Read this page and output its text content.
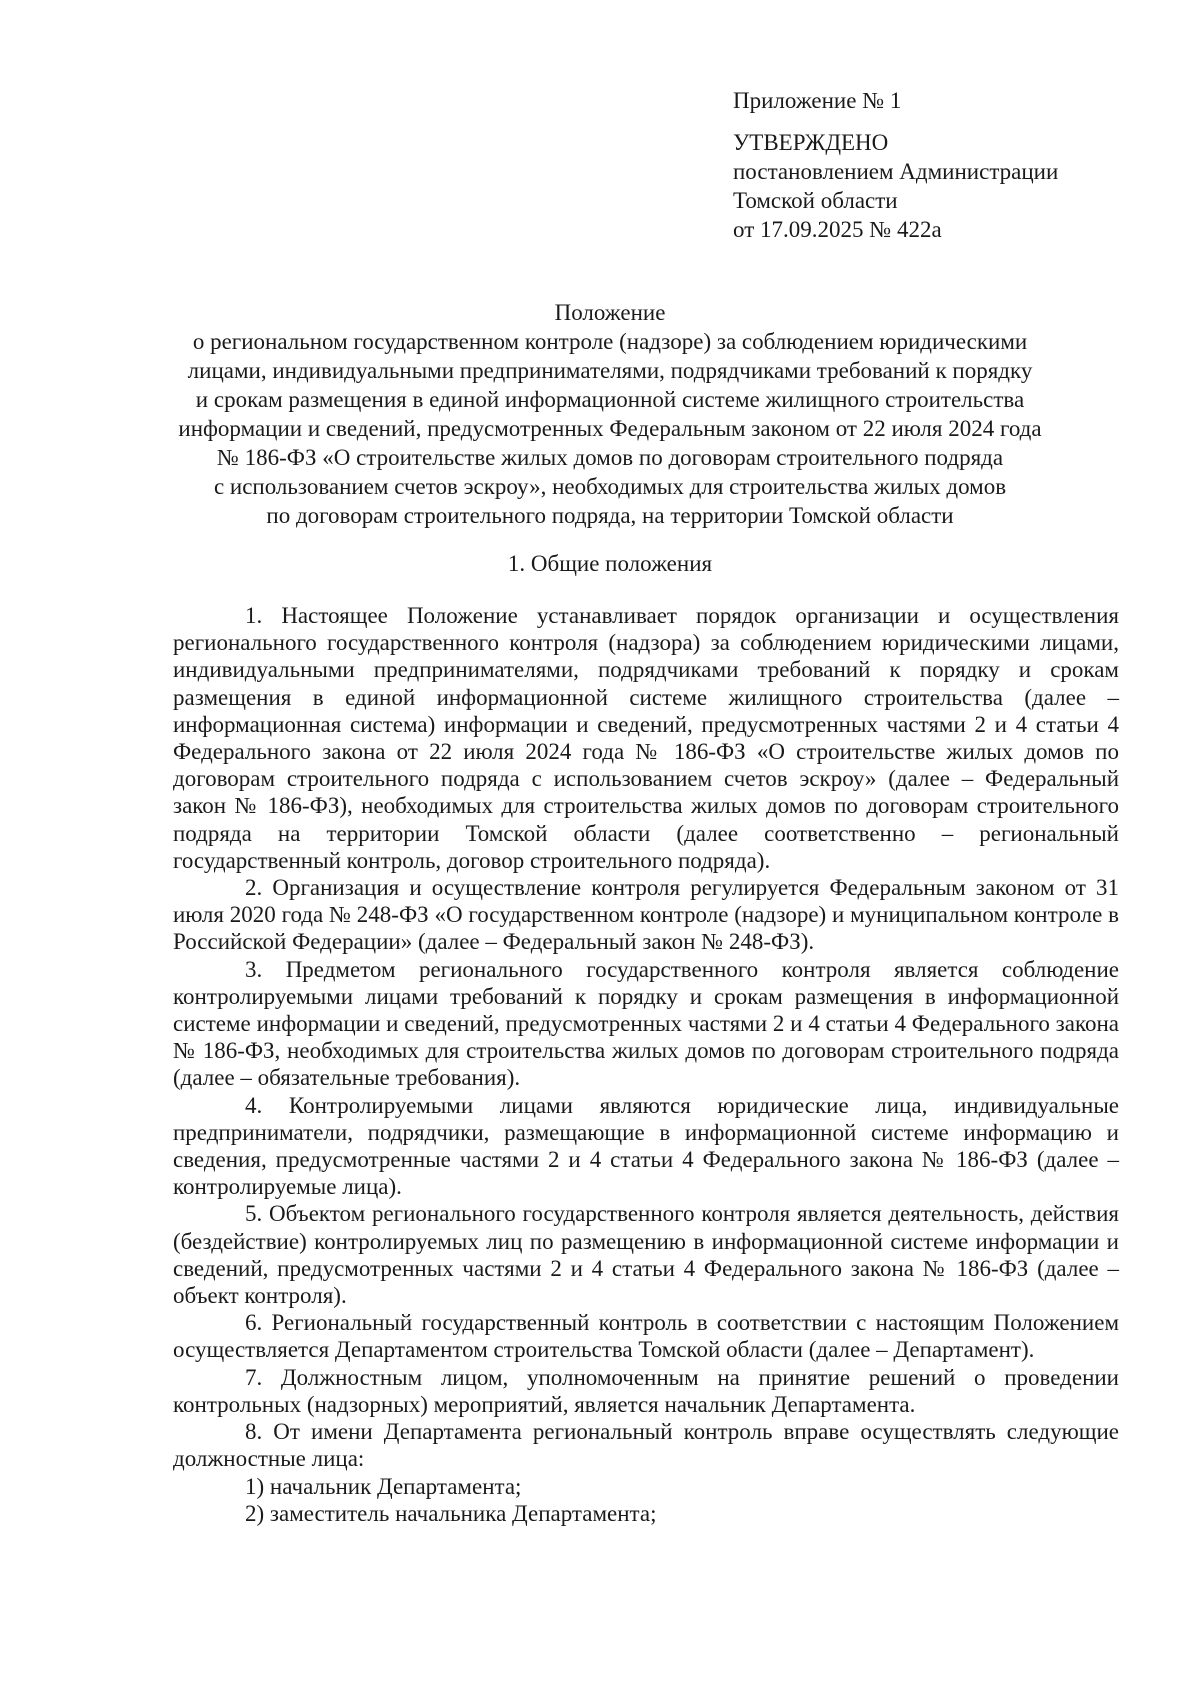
Приложение № 1
УТВЕРЖДЕНО
постановлением Администрации
Томской области
от 17.09.2025 № 422а
Положение
о региональном государственном контроле (надзоре) за соблюдением юридическими
лицами, индивидуальными предпринимателями, подрядчиками требований к порядку
и срокам размещения в единой информационной системе жилищного строительства
информации и сведений, предусмотренных Федеральным законом от 22 июля 2024 года
№ 186-ФЗ «О строительстве жилых домов по договорам строительного подряда
с использованием счетов эскроу», необходимых для строительства жилых домов
по договорам строительного подряда, на территории Томской области
1. Общие положения

1. Настоящее Положение устанавливает порядок организации и осуществления регионального государственного контроля (надзора) за соблюдением юридическими лицами, индивидуальными предпринимателями, подрядчиками требований к порядку и срокам размещения в единой информационной системе жилищного строительства (далее – информационная система) информации и сведений, предусмотренных частями 2 и 4 статьи 4 Федерального закона от 22 июля 2024 года № 186-ФЗ «О строительстве жилых домов по договорам строительного подряда с использованием счетов эскроу» (далее – Федеральный закон № 186-ФЗ), необходимых для строительства жилых домов по договорам строительного подряда на территории Томской области (далее соответственно – региональный государственный контроль, договор строительного подряда).

2. Организация и осуществление контроля регулируется Федеральным законом от 31 июля 2020 года № 248-ФЗ «О государственном контроле (надзоре) и муниципальном контроле в Российской Федерации» (далее – Федеральный закон № 248-ФЗ).

3. Предметом регионального государственного контроля является соблюдение контролируемыми лицами требований к порядку и срокам размещения в информационной системе информации и сведений, предусмотренных частями 2 и 4 статьи 4 Федерального закона № 186-ФЗ, необходимых для строительства жилых домов по договорам строительного подряда (далее – обязательные требования).

4. Контролируемыми лицами являются юридические лица, индивидуальные предприниматели, подрядчики, размещающие в информационной системе информацию и сведения, предусмотренные частями 2 и 4 статьи 4 Федерального закона № 186-ФЗ (далее – контролируемые лица).

5. Объектом регионального государственного контроля является деятельность, действия (бездействие) контролируемых лиц по размещению в информационной системе информации и сведений, предусмотренных частями 2 и 4 статьи 4 Федерального закона № 186-ФЗ (далее – объект контроля).

6. Региональный государственный контроль в соответствии с настоящим Положением осуществляется Департаментом строительства Томской области (далее – Департамент).

7. Должностным лицом, уполномоченным на принятие решений о проведении контрольных (надзорных) мероприятий, является начальник Департамента.

8. От имени Департамента региональный контроль вправе осуществлять следующие должностные лица:

1) начальник Департамента;

2) заместитель начальника Департамента;
